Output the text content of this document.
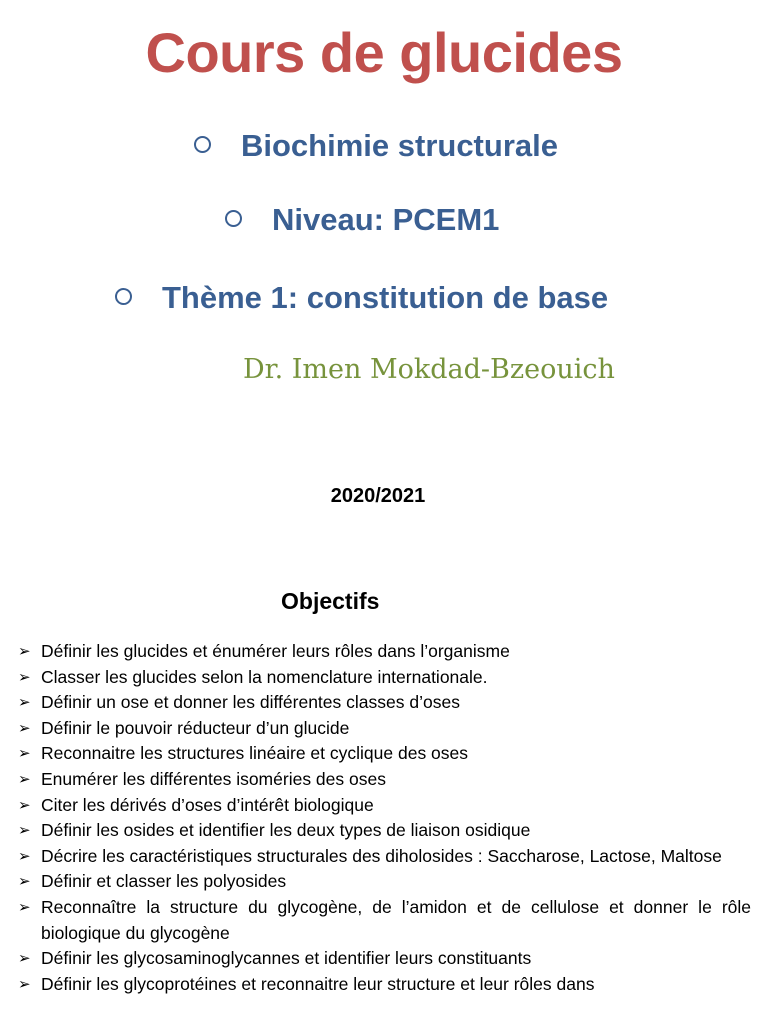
Cours de glucides
Biochimie structurale
Niveau: PCEM1
Thème 1: constitution de base
Dr. Imen Mokdad-Bzeouich
2020/2021
Objectifs
➢ Définir les glucides et énumérer leurs rôles dans l’organisme
➢ Classer les glucides selon la nomenclature internationale.
➢ Définir un ose et donner les différentes classes d’oses
➢ Définir le pouvoir réducteur d’un glucide
➢ Reconnaitre les structures linéaire et cyclique des oses
➢ Enumérer les différentes isoméries des oses
➢ Citer les dérivés d’oses d’intérêt biologique
➢ Définir les osides et identifier les deux types de liaison osidique
➢ Décrire les caractéristiques structurales des diholosides : Saccharose, Lactose, Maltose
➢ Définir et classer les polyosides
➢ Reconnaître la structure du glycogène, de l’amidon et de cellulose et donner le rôle biologique du glycogène
➢ Définir les glycosaminoglycannes et identifier leurs constituants
➢ Définir les glycoprotéines et reconnaitre leur structure et leur rôles dans
